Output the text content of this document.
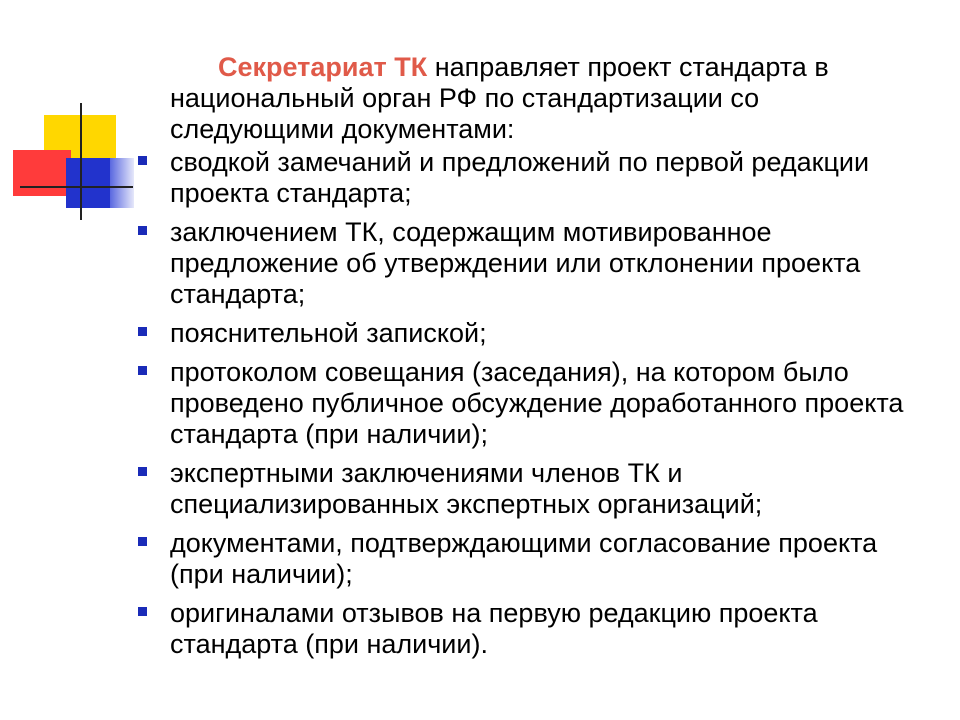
Секретариат ТК направляет проект стандарта в национальный орган РФ по стандартизации со следующими документами:

сводкой замечаний и предложений по первой редакции проекта стандарта;
заключением ТК, содержащим мотивированное предложение об утверждении или отклонении проекта стандарта;
пояснительной запиской;
протоколом совещания (заседания), на котором было проведено публичное обсуждение доработанного проекта стандарта (при наличии);
экспертными заключениями членов ТК и специализированных экспертных организаций;
документами, подтверждающими согласование проекта (при наличии);
оригиналами отзывов на первую редакцию проекта стандарта (при наличии).
